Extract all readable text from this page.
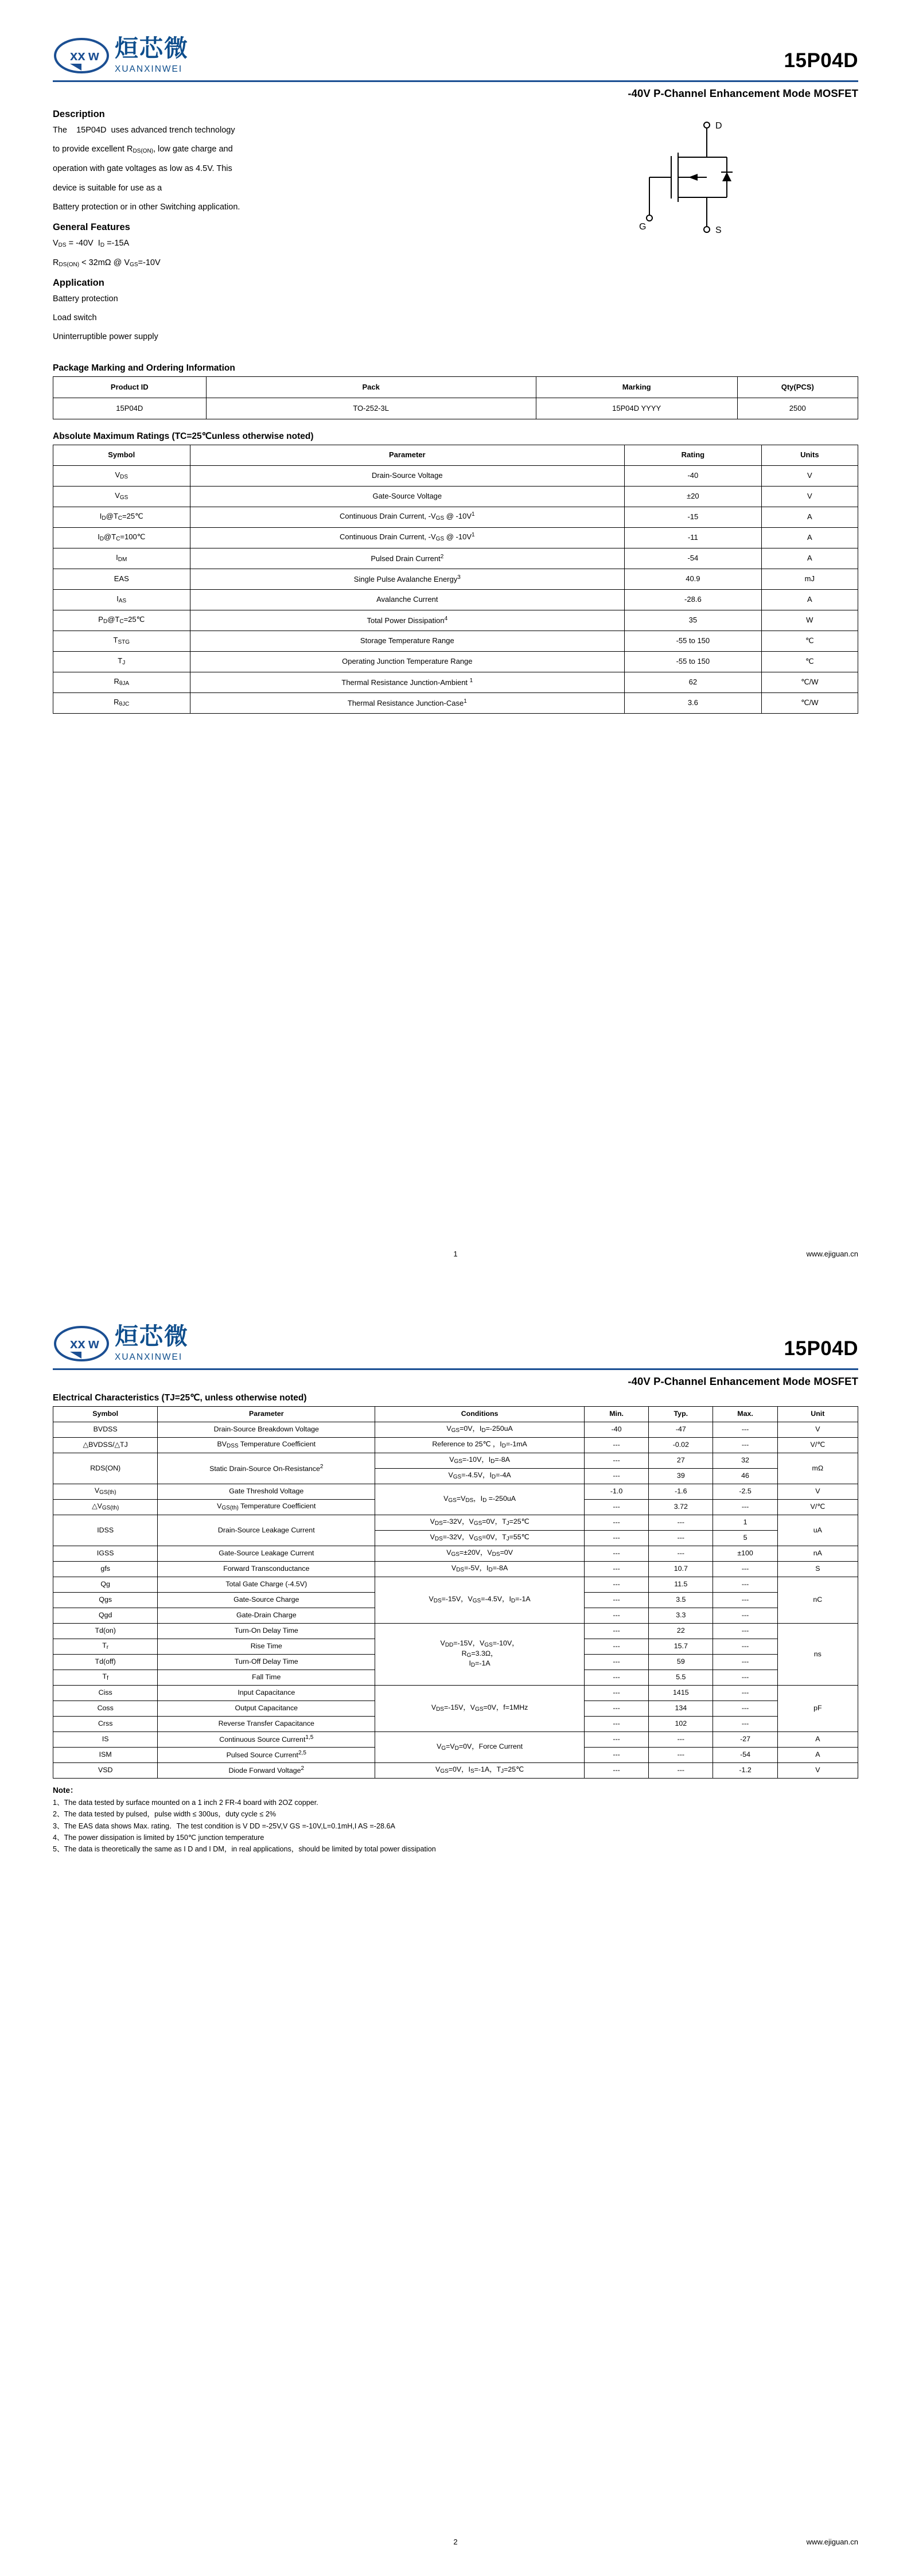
xx w 烜芯微
XUANXINWEI	15P04D
-40V P-Channel Enhancement Mode MOSFET
Description

The    15P04D  uses advanced trench technology

to provide excellent $R_{DS(ON)}$, low gate charge and

operation with gate voltages as low as 4.5V. This

device is suitable for use as a

Battery protection or in other Switching application.

General Features

$V_{DS} = -40V$  $I_D =-15A$

$R_{DS(ON)} < 32m\Omega$ @ $V_{GS}=-10V$

Application

Battery protection

Load switch

Uninterruptible power supply

D
S
G
Package Marking and Ordering Information
Product ID	Pack	Marking	Qty(PCS)
15P04D	TO-252-3L	15P04D YYYY	2500
Absolute Maximum Ratings (TC=25℃unless otherwise noted)
Symbol	Parameter	Rating	Units
$V_{DS}$	Drain-Source Voltage	-40	V
$V_{GS}$	Gate-Source Voltage	±20	V
$I_D@T_C=25℃$	Continuous Drain Current, $-V_{GS}$ @ $-10V^1$	-15	A
$I_D@T_C=100℃$	Continuous Drain Current, $-V_{GS}$ @ $-10V^1$	-11	A
$I_{DM}$	Pulsed Drain Current$^2$	-54	A
EAS	Single Pulse Avalanche Energy$^3$	40.9	mJ
$I_{AS}$	Avalanche Current	-28.6	A
$P_D@T_C=25℃$	Total Power Dissipation$^4$	35	W
$T_{STG}$	Storage Temperature Range	-55 to 150	℃
$T_J$	Operating Junction Temperature Range	-55 to 150	℃
$R_{\theta JA}$	Thermal Resistance Junction-Ambient $^1$	62	℃/W
$R_{\theta JC}$	Thermal Resistance Junction-Case$^1$	3.6	℃/W
1	www.ejiguan.cn
xx w 烜芯微
XUANXINWEI	15P04D
-40V P-Channel Enhancement Mode MOSFET
Electrical Characteristics (TJ=25℃, unless otherwise noted)
Symbol	Parameter	Conditions	Min.	Typ.	Max.	Unit
BVDSS	Drain-Source Breakdown Voltage	$V_{GS}=0V$，$I_D=-250uA$	-40	-47	---	V
△BVDSS/△TJ	$BV_{DSS}$ Temperature Coefficient	Reference to 25℃ ，$I_D=-1mA$	---	-0.02	---	V/℃
RDS(ON)	Static Drain-Source On-Resistance$^2$	$V_{GS}=-10V$，$I_D=-8A$	---	27	32	mΩ
		$V_{GS}=-4.5V$，$I_D=-4A$	---	39	46	
$V_{GS(th)}$	Gate Threshold Voltage	$V_{GS}=V_{DS}$，$I_D =-250uA$	-1.0	-1.6	-2.5	V
$\triangle V_{GS(th)}$	$V_{GS(th)}$ Temperature Coefficient		---	3.72	---	V/℃
IDSS	Drain-Source Leakage Current	$V_{DS}=-32V$，$V_{GS}=0V$，$T_J=25℃$	---	---	1	uA
		$V_{DS}=-32V$，$V_{GS}=0V$，$T_J=55℃$	---	---	5	
IGSS	Gate-Source Leakage Current	$V_{GS}=\pm 20V$，$V_{DS}=0V$	---	---	±100	nA
gfs	Forward Transconductance	$V_{DS}=-5V$，$I_D=-8A$	---	10.7	---	S
Qg	Total Gate Charge (-4.5V)	$V_{DS}=-15V$，$V_{GS}=-4.5V$，$I_D=-1A$	---	11.5	---	nC
Qgs	Gate-Source Charge		---	3.5	---	
Qgd	Gate-Drain Charge		---	3.3	---	
Td(on)	Turn-On Delay Time	$V_{DD}=-15V$，$V_{GS}=-10V$，
$R_G=3.3\Omega$，
$I_D=-1A$	---	22	---	ns
$T_r$	Rise Time		---	15.7	---	
Td(off)	Turn-Off Delay Time		---	59	---	
$T_f$	Fall Time		---	5.5	---	
Ciss	Input Capacitance	$V_{DS}=-15V$，$V_{GS}=0V$，f=1MHz	---	1415	---	pF
Coss	Output Capacitance		---	134	---	
Crss	Reverse Transfer Capacitance		---	102	---	
IS	Continuous Source Current$^{1,5}$	$V_G=V_D=0V$，Force Current	---	---	-27	A
ISM	Pulsed Source Current$^{2,5}$		---	---	-54	A
VSD	Diode Forward Voltage$^2$	$V_{GS}=0V$，$I_S=-1A$，$T_J=25℃$	---	---	-1.2	V
Note：
1、The data tested by surface mounted on a 1 inch 2 FR-4 board with 2OZ copper.
2、The data tested by pulsed，pulse width ≤ 300us，duty cycle ≤ 2%
3、The EAS data shows Max. rating．The test condition is V DD =-25V,V GS =-10V,L=0.1mH,I AS =-28.6A
4、The power dissipation is limited by 150℃ junction temperature
5、The data is theoretically the same as I D and I DM，in real applications，should be limited by total power dissipation
2	www.ejiguan.cn
